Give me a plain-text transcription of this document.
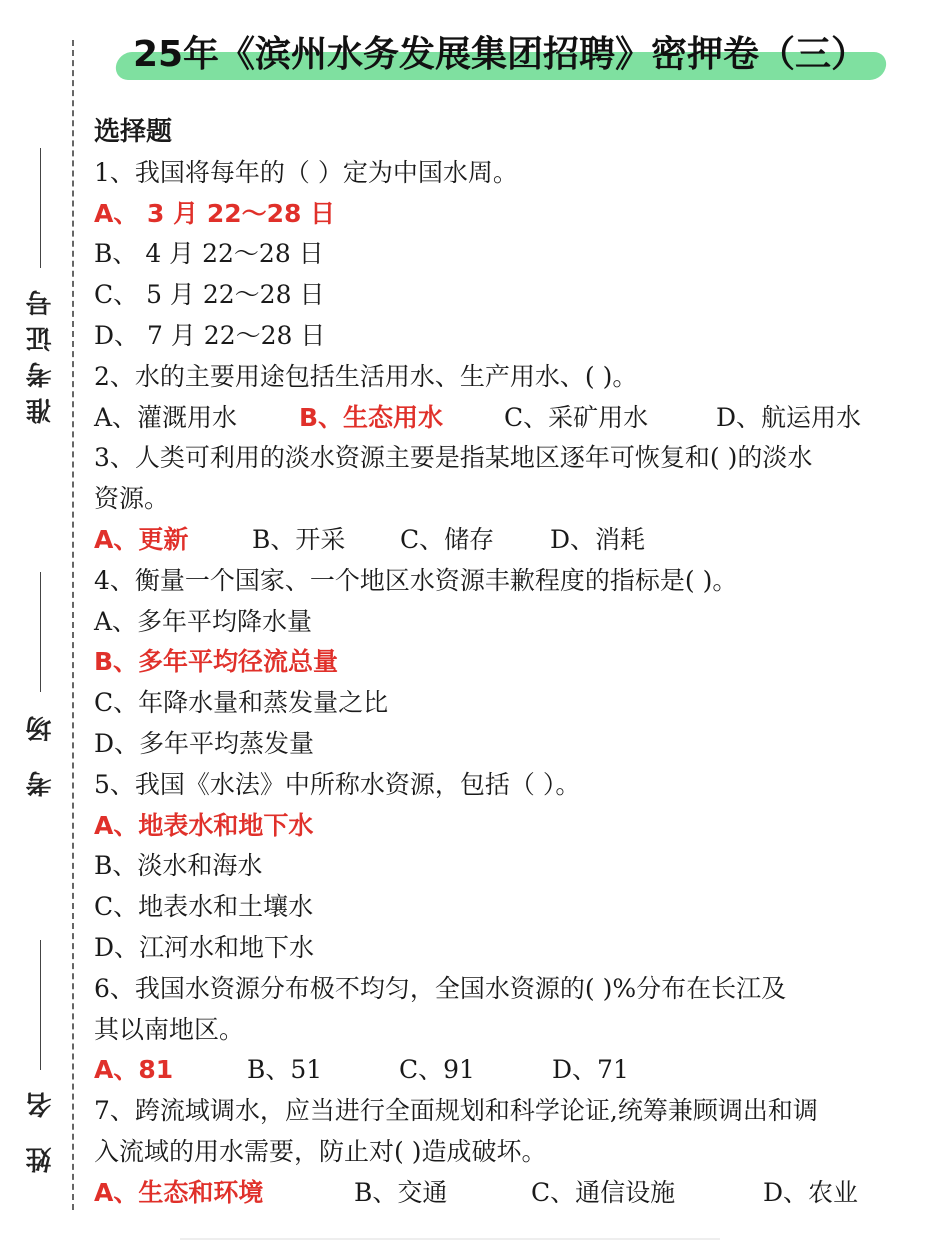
25年《滨州水务发展集团招聘》密押卷（三）
准考证号
考 场
姓 名
选择题
1、我国将每年的（ ）定为中国水周。
A、 3 月 22～28 日
B、 4 月 22～28 日
C、 5 月 22～28 日
D、 7 月 22～28 日
2、水的主要用途包括生活用水、生产用水、( )。
A、灌溉用水	B、生态用水	C、采矿用水	D、航运用水
3、人类可利用的淡水资源主要是指某地区逐年可恢复和( )的淡水
资源。
A、更新	B、开采	C、储存	D、消耗
4、衡量一个国家、一个地区水资源丰歉程度的指标是( )。
A、多年平均降水量
B、多年平均径流总量
C、年降水量和蒸发量之比
D、多年平均蒸发量
5、我国《水法》中所称水资源，包括（ ）。
A、地表水和地下水
B、淡水和海水
C、地表水和土壤水
D、江河水和地下水
6、我国水资源分布极不均匀，全国水资源的( )%分布在长江及
其以南地区。
A、81	B、51	C、91	D、71
7、跨流域调水，应当进行全面规划和科学论证,统筹兼顾调出和调
入流域的用水需要，防止对( )造成破坏。
A、生态和环境	B、交通	C、通信设施	D、农业
